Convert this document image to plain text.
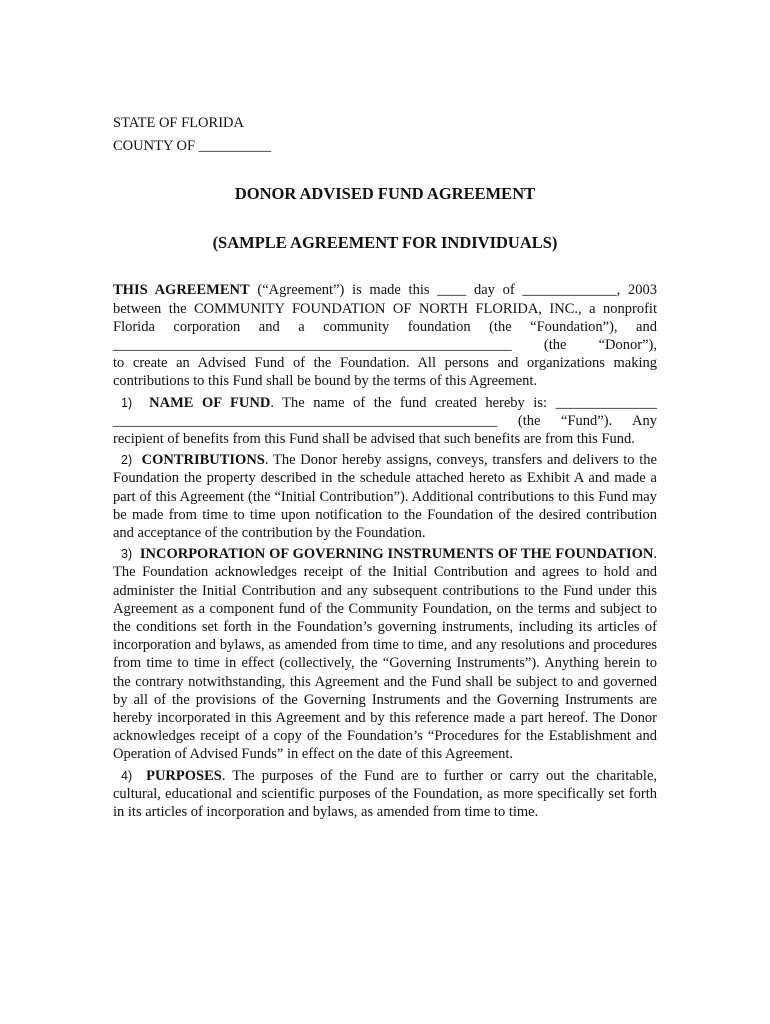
STATE OF FLORIDA

COUNTY OF __________

DONOR ADVISED FUND AGREEMENT

(SAMPLE AGREEMENT FOR INDIVIDUALS)

THIS AGREEMENT (“Agreement”) is made this ____ day of _____________, 2003
between the COMMUNITY FOUNDATION OF NORTH FLORIDA, INC., a nonprofit
Florida corporation and a community foundation (the “Foundation”), and
_______________________________________________________ (the “Donor”),
to create an Advised Fund of the Foundation. All persons and organizations making
contributions to this Fund shall be bound by the terms of this Agreement.

1) NAME OF FUND. The name of the fund created hereby is: ______________
_____________________________________________________ (the “Fund”). Any
recipient of benefits from this Fund shall be advised that such benefits are from this Fund.

2) CONTRIBUTIONS. The Donor hereby assigns, conveys, transfers and delivers to the Foundation the property described in the schedule attached hereto as Exhibit A and made a part of this Agreement (the “Initial Contribution”). Additional contributions to this Fund may be made from time to time upon notification to the Foundation of the desired contribution and acceptance of the contribution by the Foundation.

3) INCORPORATION OF GOVERNING INSTRUMENTS OF THE FOUNDATION. The Foundation acknowledges receipt of the Initial Contribution and agrees to hold and administer the Initial Contribution and any subsequent contributions to the Fund under this Agreement as a component fund of the Community Foundation, on the terms and subject to the conditions set forth in the Foundation’s governing instruments, including its articles of incorporation and bylaws, as amended from time to time, and any resolutions and procedures from time to time in effect (collectively, the “Governing Instruments”). Anything herein to the contrary notwithstanding, this Agreement and the Fund shall be subject to and governed by all of the provisions of the Governing Instruments and the Governing Instruments are hereby incorporated in this Agreement and by this reference made a part hereof. The Donor acknowledges receipt of a copy of the Foundation’s “Procedures for the Establishment and Operation of Advised Funds” in effect on the date of this Agreement.

4) PURPOSES. The purposes of the Fund are to further or carry out the charitable, cultural, educational and scientific purposes of the Foundation, as more specifically set forth in its articles of incorporation and bylaws, as amended from time to time.
